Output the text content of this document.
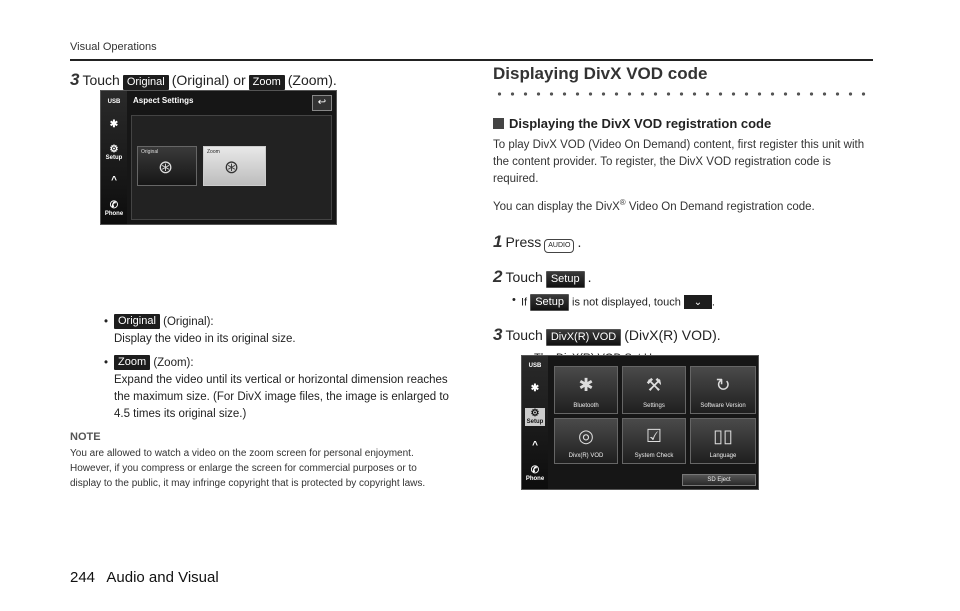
Visual Operations
3 Touch Original (Original) or Zoom (Zoom).
• Original (Original):
Display the video in its original size.
• Zoom (Zoom):
Expand the video until its vertical or horizontal dimension reaches the maximum size. (For DivX image files, the image is enlarged to 4.5 times its original size.)
NOTE
You are allowed to watch a video on the zoom screen for personal enjoyment. However, if you compress or enlarge the screen for commercial purposes or to display to the public, it may infringe copyright that is protected by copyright laws.
USB
✱
⚙
Setup
^
✆
Phone
Aspect Settings	↩
Original
⊛
Zoom
⊛
Displaying DivX VOD code
Displaying the DivX VOD registration code
To play DivX VOD (Video On Demand) content, first register this unit with the content provider. To register, the DivX VOD registration code is required.
You can display the DivX® Video On Demand registration code.
1 Press	AUDIO .
2 Touch Setup .
• If Setup is not displayed, touch ⌄ .
3 Touch DivX(R) VOD (DivX(R) VOD).
USB
✱
⚙
Setup
^
✆
Phone
✱
Bluetooth
⚒
Settings
↻
Software Version
◎
Divx(R) VOD
☑
System Check
▯▯
Language
SD Eject
244 Audio and Visual
